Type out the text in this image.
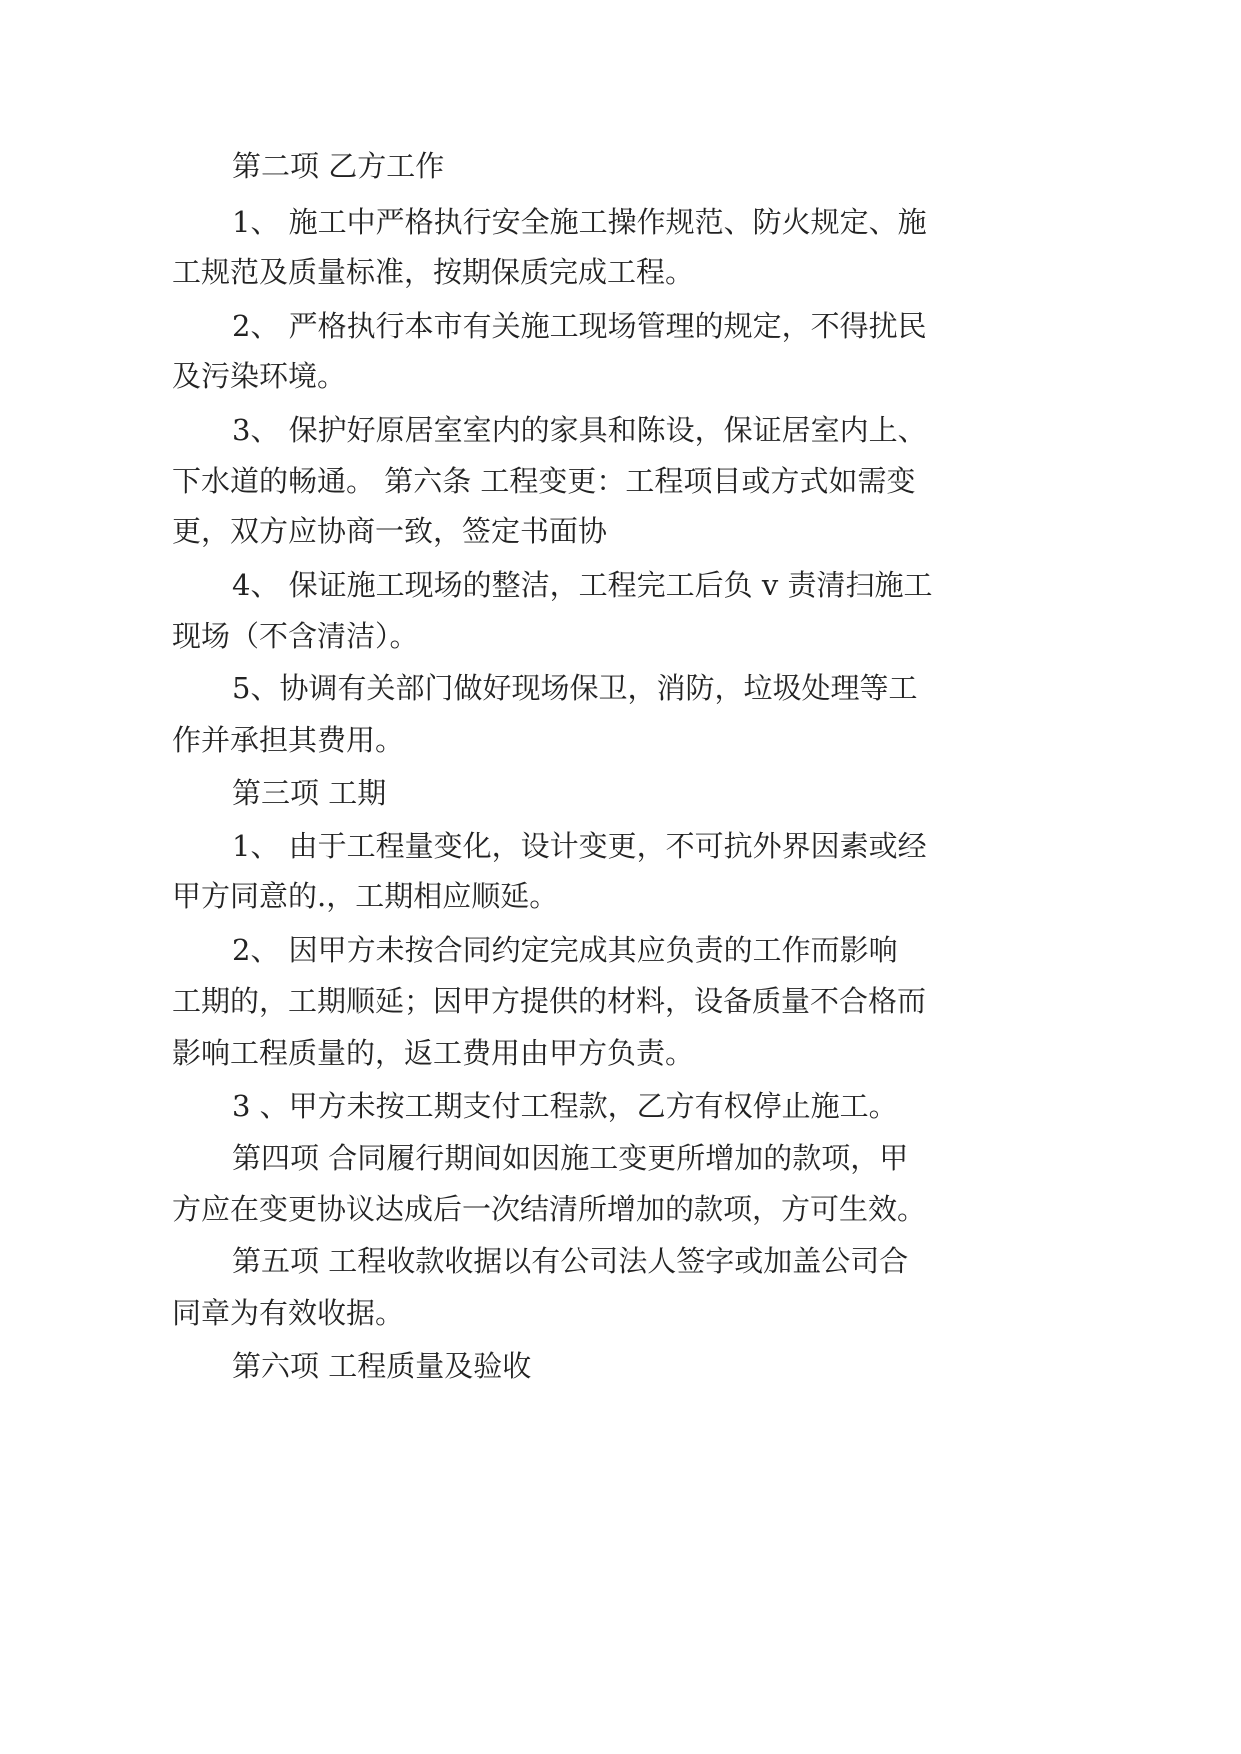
第二项 乙方工作

1、 施工中严格执行安全施工操作规范、防火规定、施

工规范及质量标准，按期保质完成工程。

2、 严格执行本市有关施工现场管理的规定，不得扰民

及污染环境。

3、 保护好原居室室内的家具和陈设，保证居室内上、

下水道的畅通。 第六条 工程变更：工程项目或方式如需变

更，双方应协商一致，签定书面协

4、 保证施工现场的整洁，工程完工后负 v 责清扫施工

现场（不含清洁）。

5、协调有关部门做好现场保卫，消防，垃圾处理等工

作并承担其费用。

第三项 工期

1、 由于工程量变化，设计变更，不可抗外界因素或经

甲方同意的.，工期相应顺延。

2、 因甲方未按合同约定完成其应负责的工作而影响

工期的，工期顺延；因甲方提供的材料，设备质量不合格而

影响工程质量的，返工费用由甲方负责。

3 、甲方未按工期支付工程款，乙方有权停止施工。

第四项 合同履行期间如因施工变更所增加的款项，甲

方应在变更协议达成后一次结清所增加的款项，方可生效。

第五项 工程收款收据以有公司法人签字或加盖公司合

同章为有效收据。

第六项 工程质量及验收
